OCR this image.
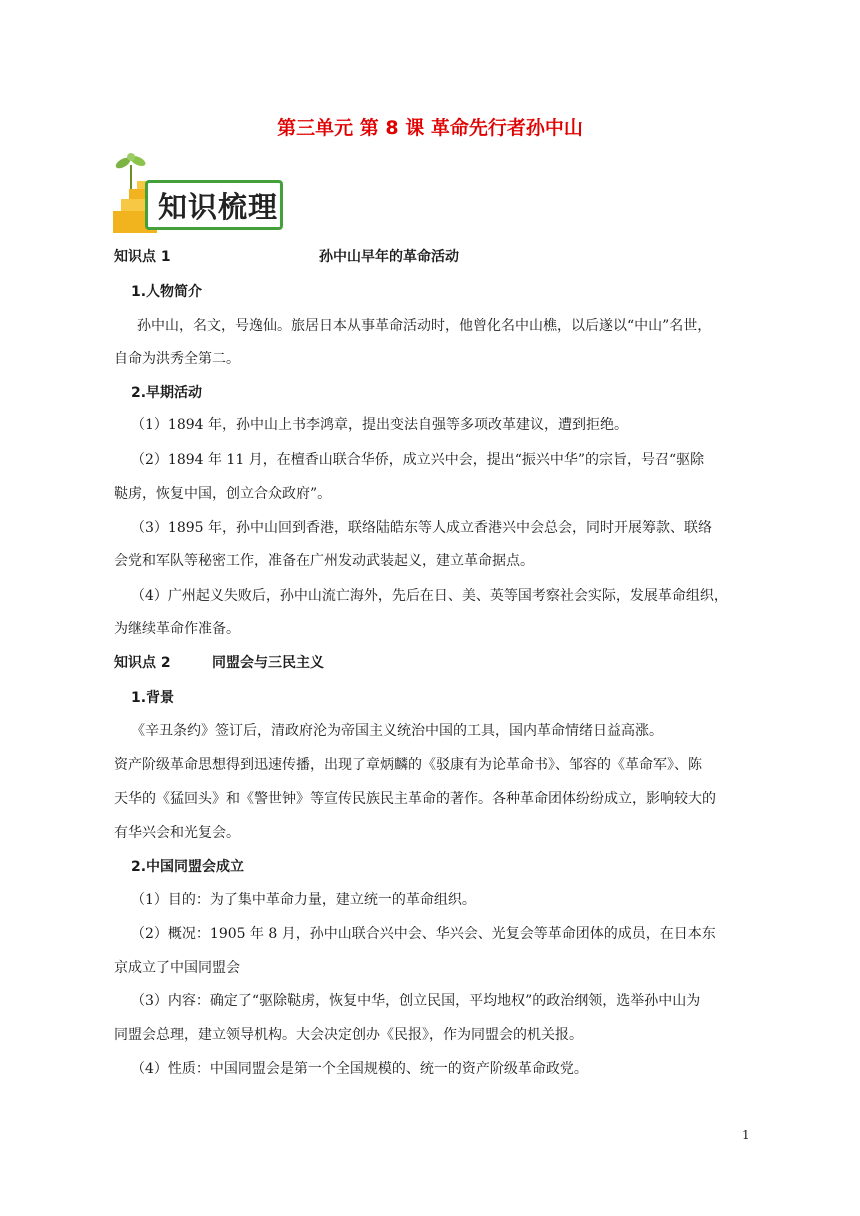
第三单元 第 8 课 革命先行者孙中山
知识梳理
知识点 1	孙中山早年的革命活动
1.人物简介
孙中山，名文，号逸仙。旅居日本从事革命活动时，他曾化名中山樵，以后遂以“中山”名世，
自命为洪秀全第二。
2.早期活动
（1）1894 年，孙中山上书李鸿章，提出变法自强等多项改革建议，遭到拒绝。
（2）1894 年 11 月，在檀香山联合华侨，成立兴中会，提出“振兴中华”的宗旨，号召“驱除
鞑虏，恢复中国，创立合众政府”。
（3）1895 年，孙中山回到香港，联络陆皓东等人成立香港兴中会总会，同时开展筹款、联络
会党和军队等秘密工作，准备在广州发动武装起义，建立革命据点。
（4）广州起义失败后，孙中山流亡海外，先后在日、美、英等国考察社会实际，发展革命组织，
为继续革命作准备。
知识点 2	同盟会与三民主义
1.背景
《辛丑条约》签订后，清政府沦为帝国主义统治中国的工具，国内革命情绪日益高涨。
资产阶级革命思想得到迅速传播，出现了章炳麟的《驳康有为论革命书》、邹容的《革命军》、陈
天华的《猛回头》和《警世钟》等宣传民族民主革命的著作。各种革命团体纷纷成立，影响较大的
有华兴会和光复会。
2.中国同盟会成立
（1）目的：为了集中革命力量，建立统一的革命组织。
（2）概况：1905 年 8 月，孙中山联合兴中会、华兴会、光复会等革命团体的成员，在日本东
京成立了中国同盟会
（3）内容：确定了“驱除鞑虏，恢复中华，创立民国，平均地权”的政治纲领，选举孙中山为
同盟会总理，建立领导机构。大会决定创办《民报》，作为同盟会的机关报。
（4）性质：中国同盟会是第一个全国规模的、统一的资产阶级革命政党。
1
